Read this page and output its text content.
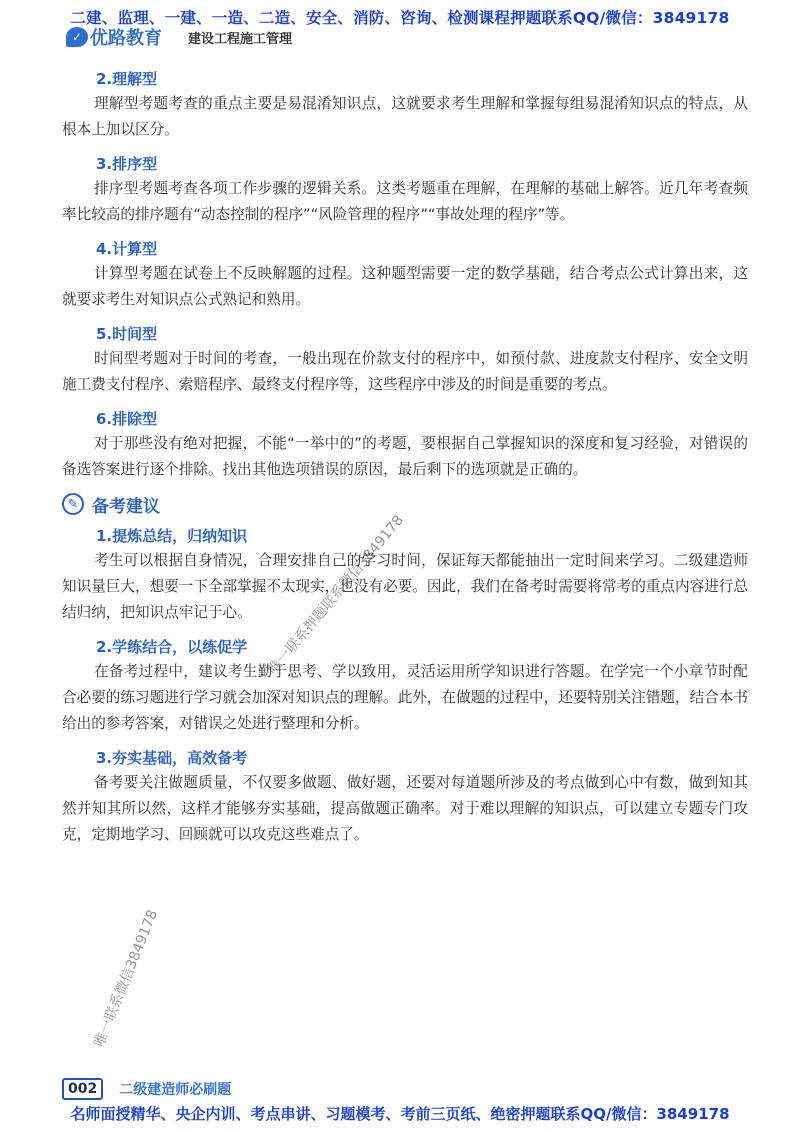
二建、监理、一建、一造、二造、安全、消防、咨询、检测课程押题联系QQ/微信：3849178
✓ 优路教育 建设工程施工管理
2.理解型

理解型考题考查的重点主要是易混淆知识点，这就要求考生理解和掌握每组易混淆知识点的特点，从根本上加以区分。

3.排序型

排序型考题考查各项工作步骤的逻辑关系。这类考题重在理解，在理解的基础上解答。近几年考查频率比较高的排序题有“动态控制的程序”“风险管理的程序”“事故处理的程序”等。

4.计算型

计算型考题在试卷上不反映解题的过程。这种题型需要一定的数学基础，结合考点公式计算出来，这就要求考生对知识点公式熟记和熟用。

5.时间型

时间型考题对于时间的考查，一般出现在价款支付的程序中，如预付款、进度款支付程序、安全文明施工费支付程序、索赔程序、最终支付程序等，这些程序中涉及的时间是重要的考点。

6.排除型

对于那些没有绝对把握，不能“一举中的”的考题，要根据自己掌握知识的深度和复习经验，对错误的备选答案进行逐个排除。找出其他选项错误的原因，最后剩下的选项就是正确的。

✎ 备考建议
1.提炼总结，归纳知识

考生可以根据自身情况，合理安排自己的学习时间，保证每天都能抽出一定时间来学习。二级建造师知识量巨大，想要一下全部掌握不太现实，也没有必要。因此，我们在备考时需要将常考的重点内容进行总结归纳，把知识点牢记于心。

2.学练结合，以练促学

在备考过程中，建议考生勤于思考、学以致用，灵活运用所学知识进行答题。在学完一个小章节时配合必要的练习题进行学习就会加深对知识点的理解。此外，在做题的过程中，还要特别关注错题，结合本书给出的参考答案，对错误之处进行整理和分析。

3.夯实基础，高效备考

备考要关注做题质量，不仅要多做题、做好题，还要对每道题所涉及的考点做到心中有数，做到知其然并知其所以然，这样才能够夯实基础，提高做题正确率。对于难以理解的知识点，可以建立专题专门攻克，定期地学习、回顾就可以攻克这些难点了。

唯一联系押题联系微信3849178
唯一联系微信3849178
002	二级建造师必刷题
名师面授精华、央企内训、考点串讲、习题模考、考前三页纸、绝密押题联系QQ/微信：3849178
